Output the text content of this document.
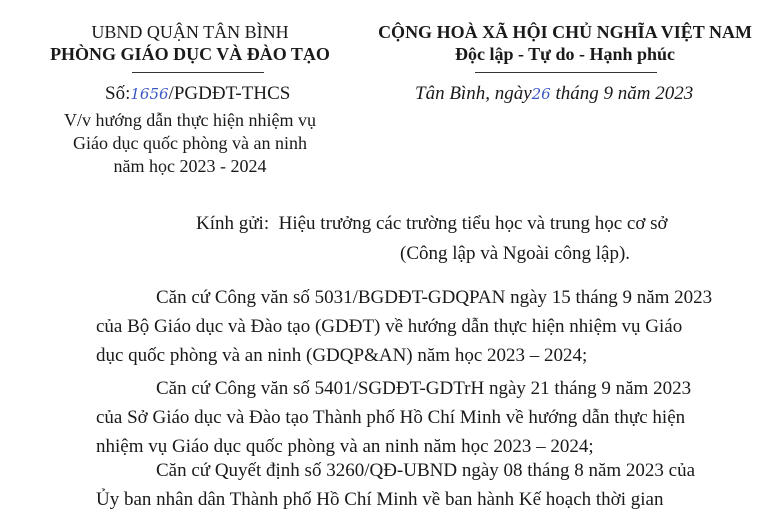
UBND QUẬN TÂN BÌNH
PHÒNG GIÁO DỤC VÀ ĐÀO TẠO
Số:1656/PGDĐT-THCS
V/v hướng dẫn thực hiện nhiệm vụ
Giáo dục quốc phòng và an ninh
năm học 2023 - 2024
CỘNG HOÀ XÃ HỘI CHỦ NGHĨA VIỆT NAM
Độc lập - Tự do - Hạnh phúc
Tân Bình, ngày26 tháng 9 năm 2023
Kính gửi: Hiệu trưởng các trường tiểu học và trung học cơ sở
(Công lập và Ngoài công lập).
Căn cứ Công văn số 5031/BGDĐT-GDQPAN ngày 15 tháng 9 năm 2023
của Bộ Giáo dục và Đào tạo (GDĐT) về hướng dẫn thực hiện nhiệm vụ Giáo
dục quốc phòng và an ninh (GDQP&AN) năm học 2023 – 2024;
Căn cứ Công văn số 5401/SGDĐT-GDTrH ngày 21 tháng 9 năm 2023
của Sở Giáo dục và Đào tạo Thành phố Hồ Chí Minh về hướng dẫn thực hiện
nhiệm vụ Giáo dục quốc phòng và an ninh năm học 2023 – 2024;
Căn cứ Quyết định số 3260/QĐ-UBND ngày 08 tháng 8 năm 2023 của
Ủy ban nhân dân Thành phố Hồ Chí Minh về ban hành Kế hoạch thời gian
